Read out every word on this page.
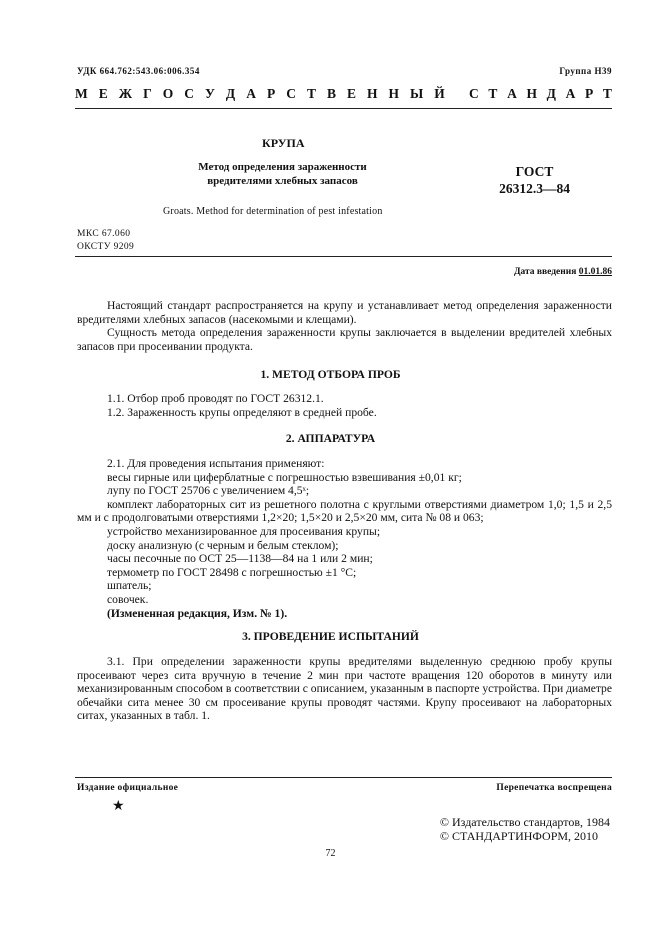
УДК 664.762:543.06:006.354	Группа Н39
М Е Ж Г О С У Д А Р С Т В Е Н Н Ы Й С Т А Н Д А Р Т
КРУПА
Метод определения зараженности
вредителями хлебных запасов
ГОСТ
26312.3—84
Groats. Method for determination of pest infestation
МКС 67.060
ОКСТУ 9209
Дата введения 01.01.86

Настоящий стандарт распространяется на крупу и устанавливает метод определения зараженности вредителями хлебных запасов (насекомыми и клещами).

Сущность метода определения зараженности крупы заключается в выделении вредителей хлебных запасов при просеивании продукта.

1. МЕТОД ОТБОРА ПРОБ

1.1. Отбор проб проводят по ГОСТ 26312.1.

1.2. Зараженность крупы определяют в средней пробе.

2. АППАРАТУРА

2.1. Для проведения испытания применяют:

весы гирные или циферблатные с погрешностью взвешивания ±0,01 кг;

лупу по ГОСТ 25706 с увеличением 4,5ˣ;

комплект лабораторных сит из решетного полотна с круглыми отверстиями диаметром 1,0; 1,5 и 2,5 мм и с продолговатыми отверстиями 1,2×20; 1,5×20 и 2,5×20 мм, сита № 08 и 063;

устройство механизированное для просеивания крупы;

доску анализную (с черным и белым стеклом);

часы песочные по ОСТ 25—1138—84 на 1 или 2 мин;

термометр по ГОСТ 28498 с погрешностью ±1 °С;

шпатель;

совочек.

(Измененная редакция, Изм. № 1).

3. ПРОВЕДЕНИЕ ИСПЫТАНИЙ

3.1. При определении зараженности крупы вредителями выделенную среднюю пробу крупы просеивают через сита вручную в течение 2 мин при частоте вращения 120 оборотов в минуту или механизированным способом в соответствии с описанием, указанным в паспорте устройства. При диаметре обечайки сита менее 30 см просеивание крупы проводят частями. Крупу просеивают на лабораторных ситах, указанных в табл. 1.

Издание официальное	Перепечатка воспрещена
★
© Издательство стандартов, 1984
© СТАНДАРТИНФОРМ, 2010
72
